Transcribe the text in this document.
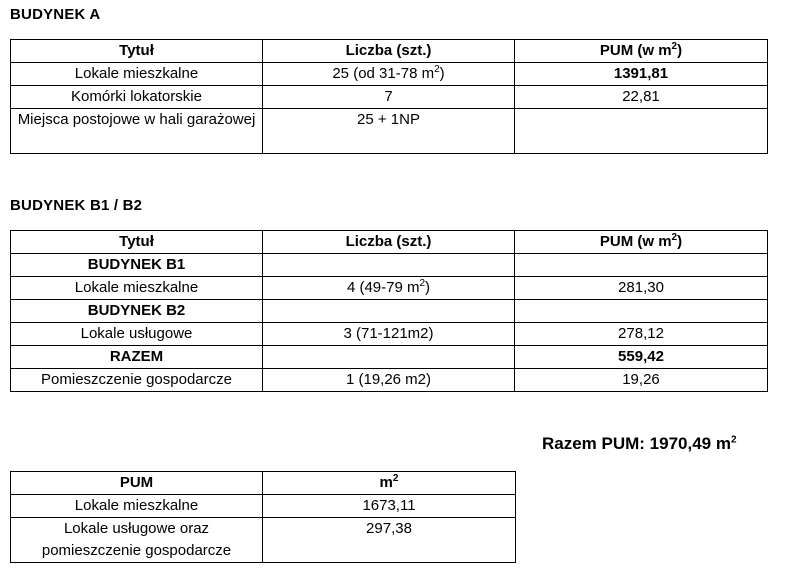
BUDYNEK A
Tytuł	Liczba (szt.)	PUM (w $m^2$)
Lokale mieszkalne	25 (od 31-78 $m^2$)	1391,81
Komórki lokatorskie	7	22,81
Miejsca postojowe w hali garażowej	25 + 1NP	
BUDYNEK B1 / B2
Tytuł	Liczba (szt.)	PUM (w $m^2$)
BUDYNEK B1		
Lokale mieszkalne	4 (49-79 $m^2$)	281,30
BUDYNEK B2		
Lokale usługowe	3 (71-121m2)	278,12
RAZEM		559,42
Pomieszczenie gospodarcze	1 (19,26 m2)	19,26
Razem PUM: 1970,49 $m^2$
PUM	$m^2$
Lokale mieszkalne	1673,11
Lokale usługowe oraz pomieszczenie gospodarcze	297,38
